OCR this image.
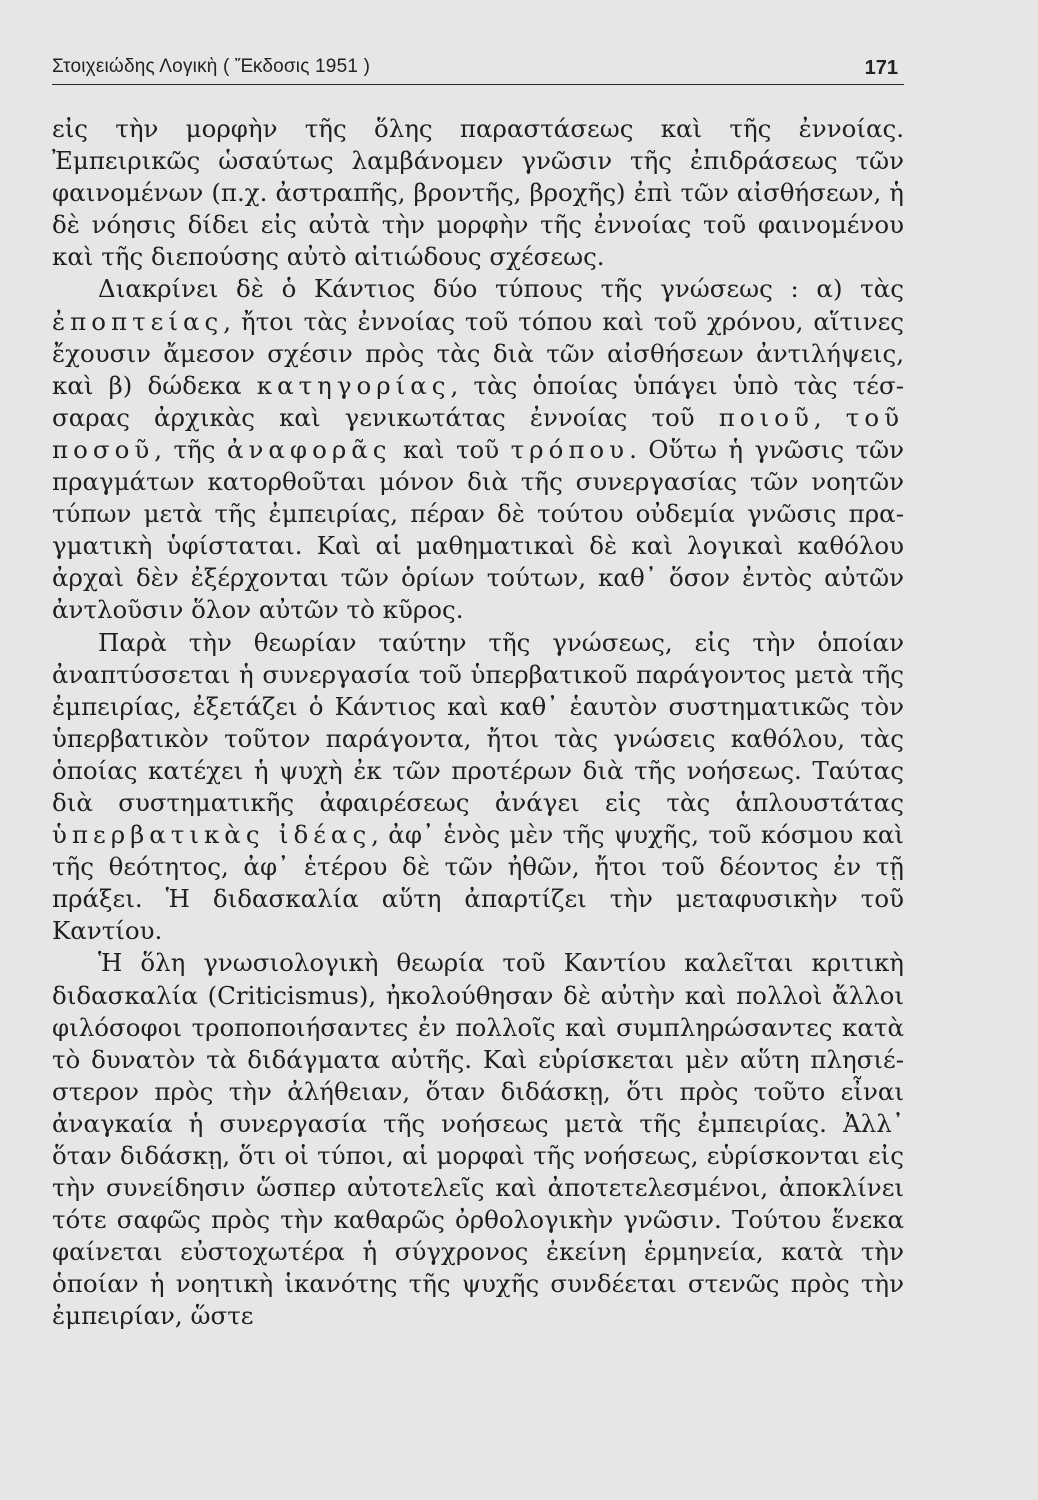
Στοιχειώδης Λογικὴ ( Ἔκδοσις 1951 )	171

εἰς τὴν μορφὴν τῆς ὅλης παραστάσεως καὶ τῆς ἐννοίας. Ἐμπειρικῶς ὡσαύτως λαμβάνομεν γνῶσιν τῆς ἐπιδράσεως τῶν φαινομένων (π.χ. ἀστραπῆς, βροντῆς, βροχῆς) ἐπὶ τῶν αἰσθήσεων, ἡ δὲ νόησις δίδει εἰς αὐτὰ τὴν μορφὴν τῆς ἐννοίας τοῦ φαινομένου καὶ τῆς διεπούσης αὐτὸ αἰτιώδους σχέσεως.

Διακρίνει δὲ ὁ Κάντιος δύο τύπους τῆς γνώσεως : α) τὰς ἐποπτείας, ἤτοι τὰς ἐννοίας τοῦ τόπου καὶ τοῦ χρόνου, αἵτινες ἔχουσιν ἄμεσον σχέσιν πρὸς τὰς διὰ τῶν αἰσθήσεων ἀντιλήψεις, καὶ β) δώδεκα κατηγορίας, τὰς ὁποίας ὑπάγει ὑπὸ τὰς τέσσαρας ἀρχικὰς καὶ γενικωτάτας ἐννοίας τοῦ ποιοῦ, τοῦ ποσοῦ, τῆς ἀναφορᾶς καὶ τοῦ τρόπου. Οὕτω ἡ γνῶσις τῶν πραγμάτων κατορθοῦται μόνον διὰ τῆς συνεργασίας τῶν νοητῶν τύπων μετὰ τῆς ἐμπειρίας, πέραν δὲ τούτου οὐδεμία γνῶσις πραγματικὴ ὑφίσταται. Καὶ αἱ μαθηματικαὶ δὲ καὶ λογικαὶ καθόλου ἀρχαὶ δὲν ἐξέρχονται τῶν ὁρίων τούτων, καθ᾽ ὅσον ἐντὸς αὐτῶν ἀντλοῦσιν ὅλον αὐτῶν τὸ κῦρος.

Παρὰ τὴν θεωρίαν ταύτην τῆς γνώσεως, εἰς τὴν ὁποίαν ἀναπτύσσεται ἡ συνεργασία τοῦ ὑπερβατικοῦ παράγοντος μετὰ τῆς ἐμπειρίας, ἐξετάζει ὁ Κάντιος καὶ καθ᾽ ἑαυτὸν συστηματικῶς τὸν ὑπερβατικὸν τοῦτον παράγοντα, ἤτοι τὰς γνώσεις καθόλου, τὰς ὁποίας κατέχει ἡ ψυχὴ ἐκ τῶν προτέρων διὰ τῆς νοήσεως. Ταύτας διὰ συστηματικῆς ἀφαιρέσεως ἀνάγει εἰς τὰς ἁπλουστάτας ὑπερβατικὰς ἰδέας, ἀφ᾽ ἑνὸς μὲν τῆς ψυχῆς, τοῦ κόσμου καὶ τῆς θεότητος, ἀφ᾽ ἑτέρου δὲ τῶν ἠθῶν, ἤτοι τοῦ δέοντος ἐν τῇ πράξει. Ἡ διδασκαλία αὕτη ἀπαρτίζει τὴν μεταφυσικὴν τοῦ Καντίου.

Ἡ ὅλη γνωσιολογικὴ θεωρία τοῦ Καντίου καλεῖται κριτικὴ διδασκαλία (Criticismus), ἠκολούθησαν δὲ αὐτὴν καὶ πολλοὶ ἄλλοι φιλόσοφοι τροποποιήσαντες ἐν πολλοῖς καὶ συμπληρώσαντες κατὰ τὸ δυνατὸν τὰ διδάγματα αὐτῆς. Καὶ εὑρίσκεται μὲν αὕτη πλησιέστερον πρὸς τὴν ἀλήθειαν, ὅταν διδάσκῃ, ὅτι πρὸς τοῦτο εἶναι ἀναγκαία ἡ συνεργασία τῆς νοήσεως μετὰ τῆς ἐμπειρίας. Ἀλλ᾽ ὅταν διδάσκῃ, ὅτι οἱ τύποι, αἱ μορφαὶ τῆς νοήσεως, εὑρίσκονται εἰς τὴν συνείδησιν ὥσπερ αὐτοτελεῖς καὶ ἀποτετελεσμένοι, ἀποκλίνει τότε σαφῶς πρὸς τὴν καθαρῶς ὀρθολογικὴν γνῶσιν. Τούτου ἕνεκα φαίνεται εὐστοχωτέρα ἡ σύγχρονος ἐκείνη ἑρμηνεία, κατὰ τὴν ὁποίαν ἡ νοητικὴ ἱκανότης τῆς ψυχῆς συνδέεται στενῶς πρὸς τὴν ἐμπειρίαν, ὥστε
